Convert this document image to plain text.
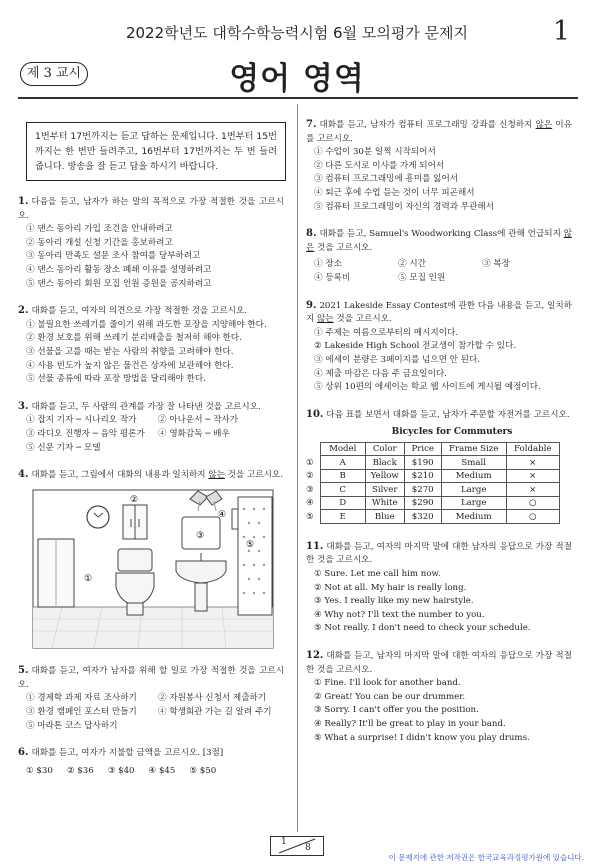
2022학년도 대학수학능력시험 6월 모의평가 문제지	1
제 3 교시	영어 영역
1번부터 17번까지는 듣고 답하는 문제입니다. 1번부터 15번까지는 한 번만 들려주고, 16번부터 17번까지는 두 번 들려줍니다. 방송을 잘 듣고 답을 하시기 바랍니다.
1. 다음을 듣고, 남자가 하는 말의 목적으로 가장 적절한 것을 고르시오.
① 댄스 동아리 가입 조건을 안내하려고
② 동아리 개설 신청 기간을 홍보하려고
③ 동아리 만족도 설문 조사 참여를 당부하려고
④ 댄스 동아리 활동 장소 폐쇄 이유를 설명하려고
⑤ 댄스 동아리 회원 모집 인원 증원을 공지하려고
2. 대화를 듣고, 여자의 의견으로 가장 적절한 것을 고르시오.
① 불필요한 쓰레기를 줄이기 위해 과도한 포장을 지양해야 한다.
② 환경 보호를 위해 쓰레기 분리배출을 철저히 해야 한다.
③ 선물을 고를 때는 받는 사람의 취향을 고려해야 한다.
④ 사용 빈도가 높지 않은 물건은 상자에 보관해야 한다.
⑤ 선물 종류에 따라 포장 방법을 달리해야 한다.
3. 대화를 듣고, 두 사람의 관계를 가장 잘 나타낸 것을 고르시오.
① 잡지 기자 ─ 시나리오 작가	② 아나운서 ─ 작사가
③ 라디오 진행자 ─ 음악 평론가	④ 영화감독 ─ 배우
⑤ 신문 기자 ─ 모델
4. 대화를 듣고, 그림에서 대화의 내용과 일치하지 않는 것을 고르시오.
①
②
③
④
⑤
5. 대화를 듣고, 여자가 남자를 위해 할 일로 가장 적절한 것을 고르시오.
① 경제학 과제 자료 조사하기	② 자원봉사 신청서 제출하기
③ 환경 캠페인 포스터 만들기	④ 학생회관 가는 길 알려 주기
⑤ 마라톤 코스 답사하기
6. 대화를 듣고, 여자가 지불할 금액을 고르시오. [3점]
① $30 ② $36 ③ $40 ④ $45 ⑤ $50
7. 대화를 듣고, 남자가 컴퓨터 프로그래밍 강좌를 신청하지 않은 이유를 고르시오.
① 수업이 30분 일찍 시작되어서
② 다른 도시로 이사를 가게 되어서
③ 컴퓨터 프로그래밍에 흥미를 잃어서
④ 퇴근 후에 수업 듣는 것이 너무 피곤해서
⑤ 컴퓨터 프로그래밍이 자신의 경력과 무관해서
8. 대화를 듣고, Samuel's Woodworking Class에 관해 언급되지 않은 것을 고르시오.
① 장소	② 시간	③ 복장
④ 등록비	⑤ 모집 인원
9. 2021 Lakeside Essay Contest에 관한 다음 내용을 듣고, 일치하지 않는 것을 고르시오.
① 주제는 여름으로부터의 메시지이다.
② Lakeside High School 전교생이 참가할 수 있다.
③ 에세이 분량은 3페이지를 넘으면 안 된다.
④ 제출 마감은 다음 주 금요일이다.
⑤ 상위 10편의 에세이는 학교 웹 사이트에 게시될 예정이다.
10. 다음 표를 보면서 대화를 듣고, 남자가 주문할 자전거를 고르시오.
Bicycles for Commuters
	Model	Color	Price	Frame Size	Foldable
①	A	Black	$190	Small	×
②	B	Yellow	$210	Medium	×
③	C	Silver	$270	Large	×
④	D	White	$290	Large	○
⑤	E	Blue	$320	Medium	○
11. 대화를 듣고, 여자의 마지막 말에 대한 남자의 응답으로 가장 적절한 것을 고르시오.
① Sure. Let me call him now.
② Not at all. My hair is really long.
③ Yes. I really like my new hairstyle.
④ Why not? I'll text the number to you.
⑤ Not really. I don't need to check your schedule.
12. 대화를 듣고, 남자의 마지막 말에 대한 여자의 응답으로 가장 적절한 것을 고르시오.
① Fine. I'll look for another band.
② Great! You can be our drummer.
③ Sorry. I can't offer you the position.
④ Really? It'll be great to play in your band.
⑤ What a surprise! I didn't know you play drums.
1
8
이 문제지에 관한 저작권은 한국교육과정평가원에 있습니다.
